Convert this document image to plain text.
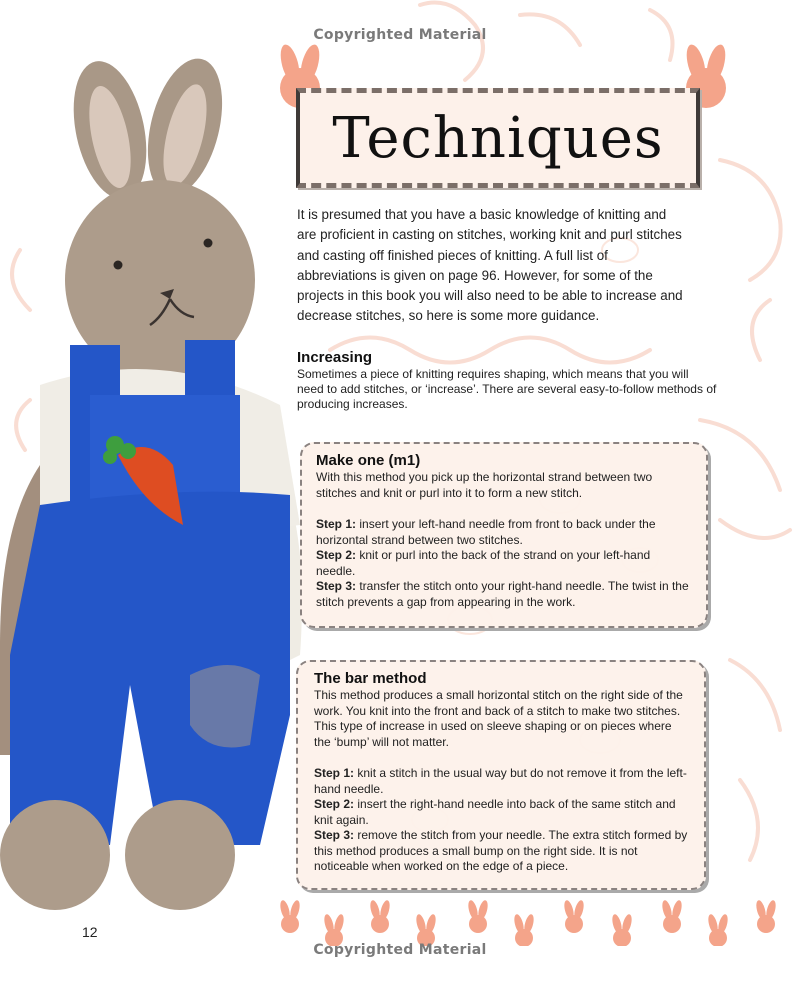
Copyrighted Material
Techniques
It is presumed that you have a basic knowledge of knitting and are proficient in casting on stitches, working knit and purl stitches and casting off finished pieces of knitting. A full list of abbreviations is given on page 96. However, for some of the projects in this book you will also need to be able to increase and decrease stitches, so here is some more guidance.
Increasing
Sometimes a piece of knitting requires shaping, which means that you will need to add stitches, or ‘increase’. There are several easy-to-follow methods of producing increases.
Make one (m1)

With this method you pick up the horizontal strand between two stitches and knit or purl into it to form a new stitch.

Step 1: insert your left-hand needle from front to back under the horizontal strand between two stitches.

Step 2: knit or purl into the back of the strand on your left-hand needle.

Step 3: transfer the stitch onto your right-hand needle. The twist in the stitch prevents a gap from appearing in the work.

The bar method

This method produces a small horizontal stitch on the right side of the work. You knit into the front and back of a stitch to make two stitches. This type of increase in used on sleeve shaping or on pieces where the ‘bump’ will not matter.

Step 1: knit a stitch in the usual way but do not remove it from the left-hand needle.

Step 2: insert the right-hand needle into back of the same stitch and knit again.

Step 3: remove the stitch from your needle. The extra stitch formed by this method produces a small bump on the right side. It is not noticeable when worked on the edge of a piece.

12
Copyrighted Material
